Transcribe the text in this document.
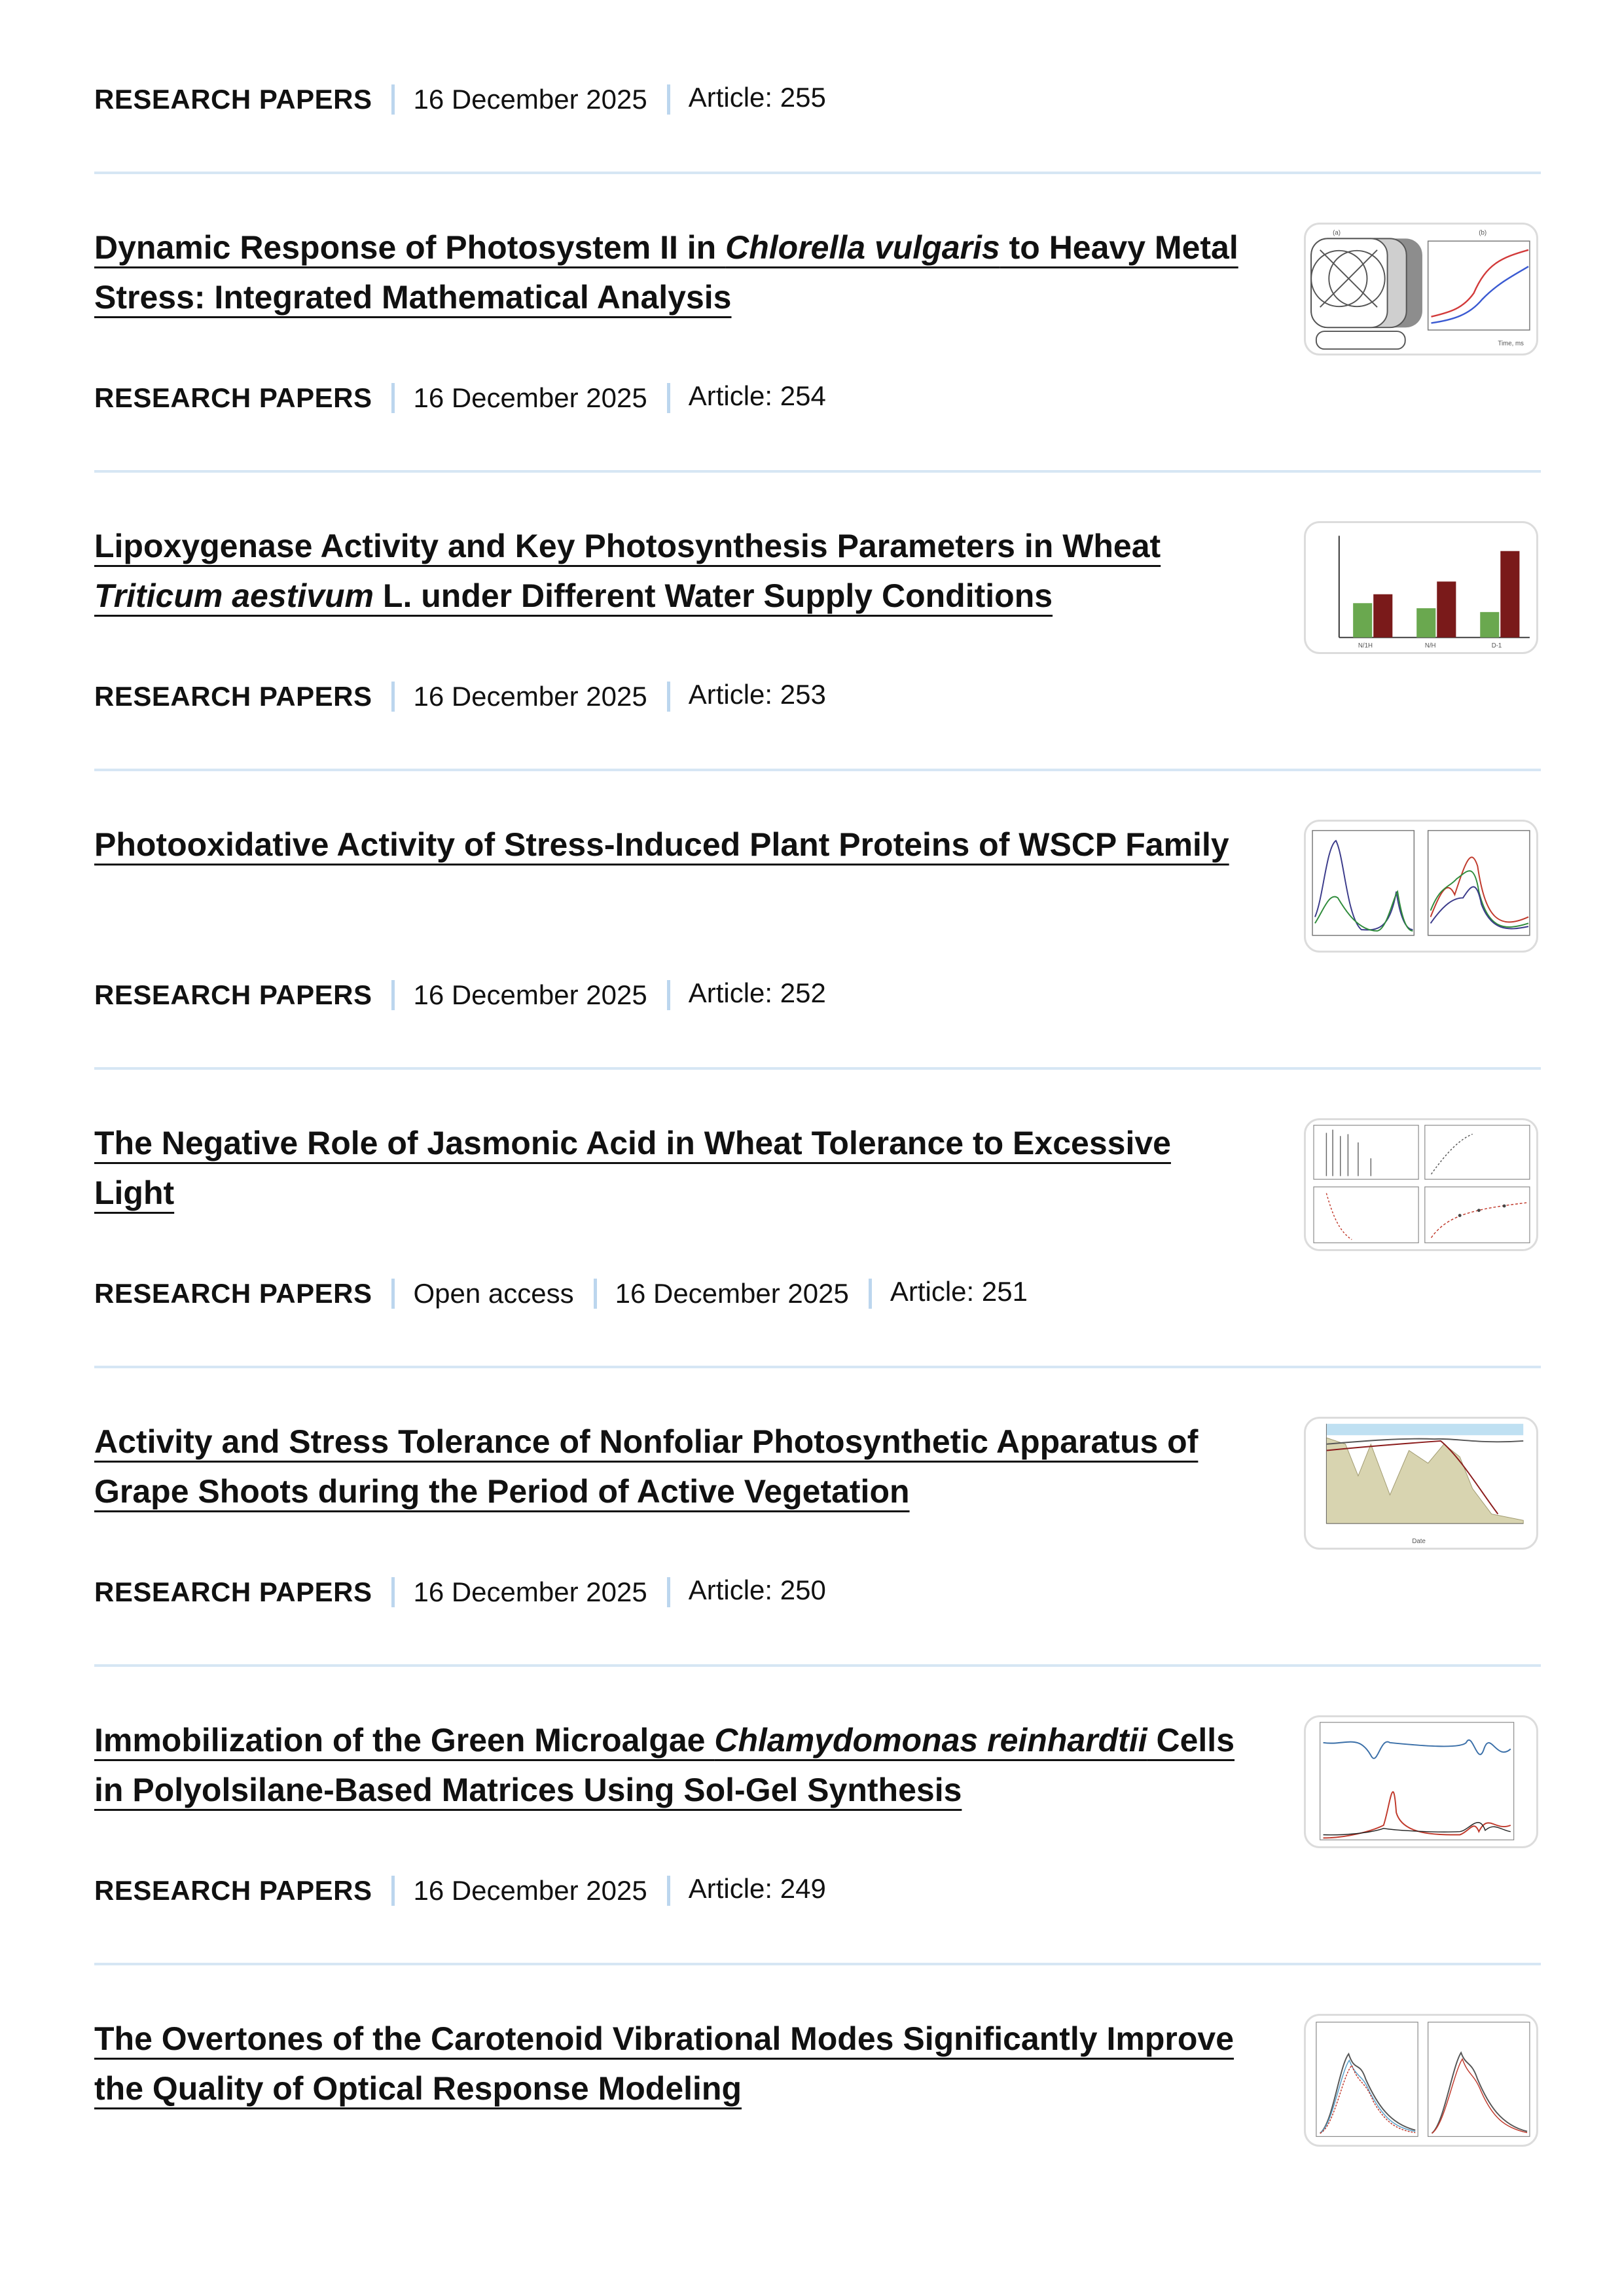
RESEARCH PAPERS 16 December 2025 Article: 255
Dynamic Response of Photosystem II in Chlorella vulgaris to Heavy Metal Stress: Integrated Mathematical Analysis
(a)	(b)
Time, ms
RESEARCH PAPERS 16 December 2025 Article: 254
Lipoxygenase Activity and Key Photosynthesis Parameters in Wheat Triticum aestivum L. under Different Water Supply Conditions
N/1H	N/H	D-1
RESEARCH PAPERS 16 December 2025 Article: 253
Photooxidative Activity of Stress-Induced Plant Proteins of WSCP Family
RESEARCH PAPERS 16 December 2025 Article: 252
The Negative Role of Jasmonic Acid in Wheat Tolerance to Excessive Light
RESEARCH PAPERS Open access 16 December 2025 Article: 251
Activity and Stress Tolerance of Nonfoliar Photosynthetic Apparatus of Grape Shoots during the Period of Active Vegetation
Date
RESEARCH PAPERS 16 December 2025 Article: 250
Immobilization of the Green Microalgae Chlamydomonas reinhardtii Cells in Polyolsilane-Based Matrices Using Sol-Gel Synthesis
RESEARCH PAPERS 16 December 2025 Article: 249
The Overtones of the Carotenoid Vibrational Modes Significantly Improve the Quality of Optical Response Modeling
